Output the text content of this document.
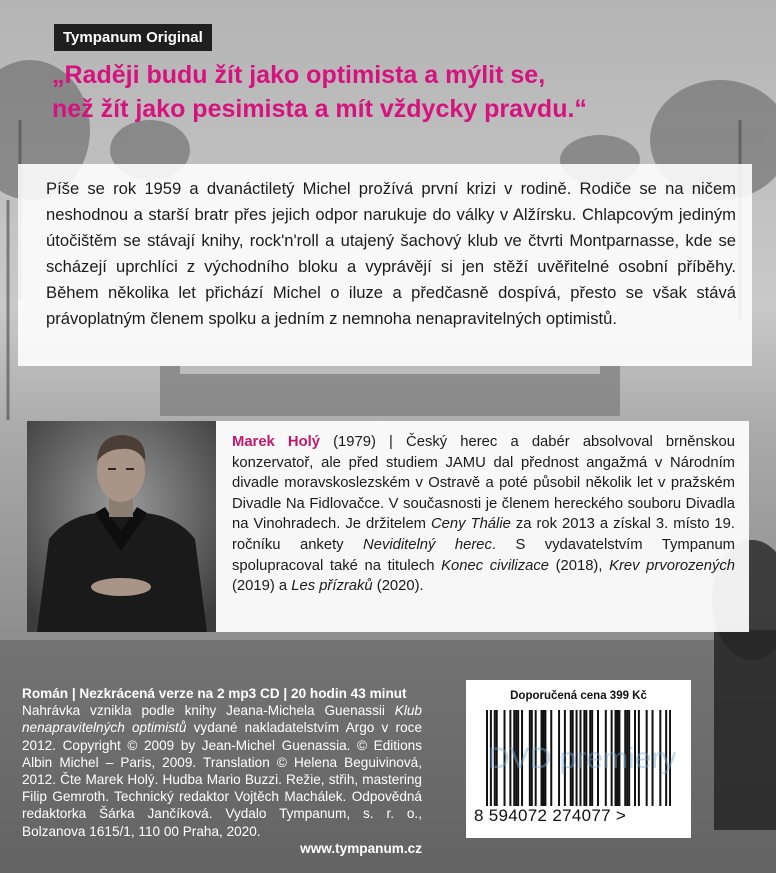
Tympanum Original
„Raději budu žít jako optimista a mýlit se,
než žít jako pesimista a mít vždycky pravdu.“

Píše se rok 1959 a dvanáctiletý Michel prožívá první krizi v rodině. Rodiče se na ničem neshodnou a starší bratr přes jejich odpor narukuje do války v Alžírsku. Chlapcovým jediným útočištěm se stávají knihy, rock'n'roll a utajený šachový klub ve čtvrti Montparnasse, kde se scházejí uprchlíci z východního bloku a vyprávějí si jen stěží uvěřitelné osobní příběhy. Během několika let přichází Michel o iluze a předčasně dospívá, přesto se však stává právoplatným členem spolku a jedním z nemnoha nenapravitelných optimistů.

Marek Holý (1979) | Český herec a dabér absolvoval brněnskou konzervatoř, ale před studiem JAMU dal přednost angažmá v Národním divadle moravskoslezském v Ostravě a poté působil několik let v pražském Divadle Na Fidlovačce. V současnosti je členem hereckého souboru Divadla na Vinohradech. Je držitelem Ceny Thálie za rok 2013 a získal 3. místo 19. ročníku ankety Neviditelný herec. S vydavatelstvím Tympanum spolupracoval také na titulech Konec civilizace (2018), Krev prvorozených (2019) a Les přízraků (2020).

Román | Nezkrácená verze na 2 mp3 CD | 20 hodin 43 minut

Nahrávka vznikla podle knihy Jeana-Michela Guenassii Klub nenapravitelných optimistů vydané nakladatelstvím Argo v roce 2012. Copyright © 2009 by Jean-Michel Guenassia. © Editions Albin Michel – Paris, 2009. Translation © Helena Beguivinová, 2012. Čte Marek Holý. Hudba Mario Buzzi. Režie, střih, mastering Filip Gemroth. Technický redaktor Vojtěch Machálek. Odpovědná redaktorka Šárka Jančíková. Vydalo Tympanum, s. r. o., Bolzanova 1615/1, 110 00 Praha, 2020.

www.tympanum.cz

Doporučená cena 399 Kč
8 594072 274077 >
DVD premiery
